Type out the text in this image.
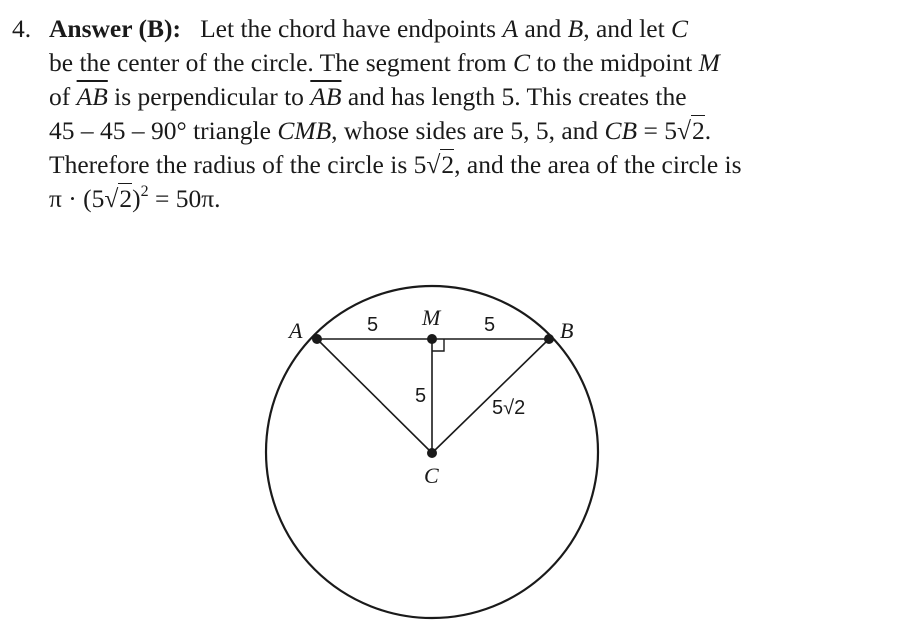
4. Answer (B): Let the chord have endpoints A and B, and let C
be the center of the circle. The segment from C to the midpoint M
of $\overline{AB}$ is perpendicular to $\overline{AB}$ and has length 5. This creates the
45 – 45 – 90° triangle CMB, whose sides are 5, 5, and CB = 5√2.
Therefore the radius of the circle is 5√2, and the area of the circle is
$\pi \cdot (5√2)^2 = 50\pi$.
A	B
M
C
5	5
5
5√2
